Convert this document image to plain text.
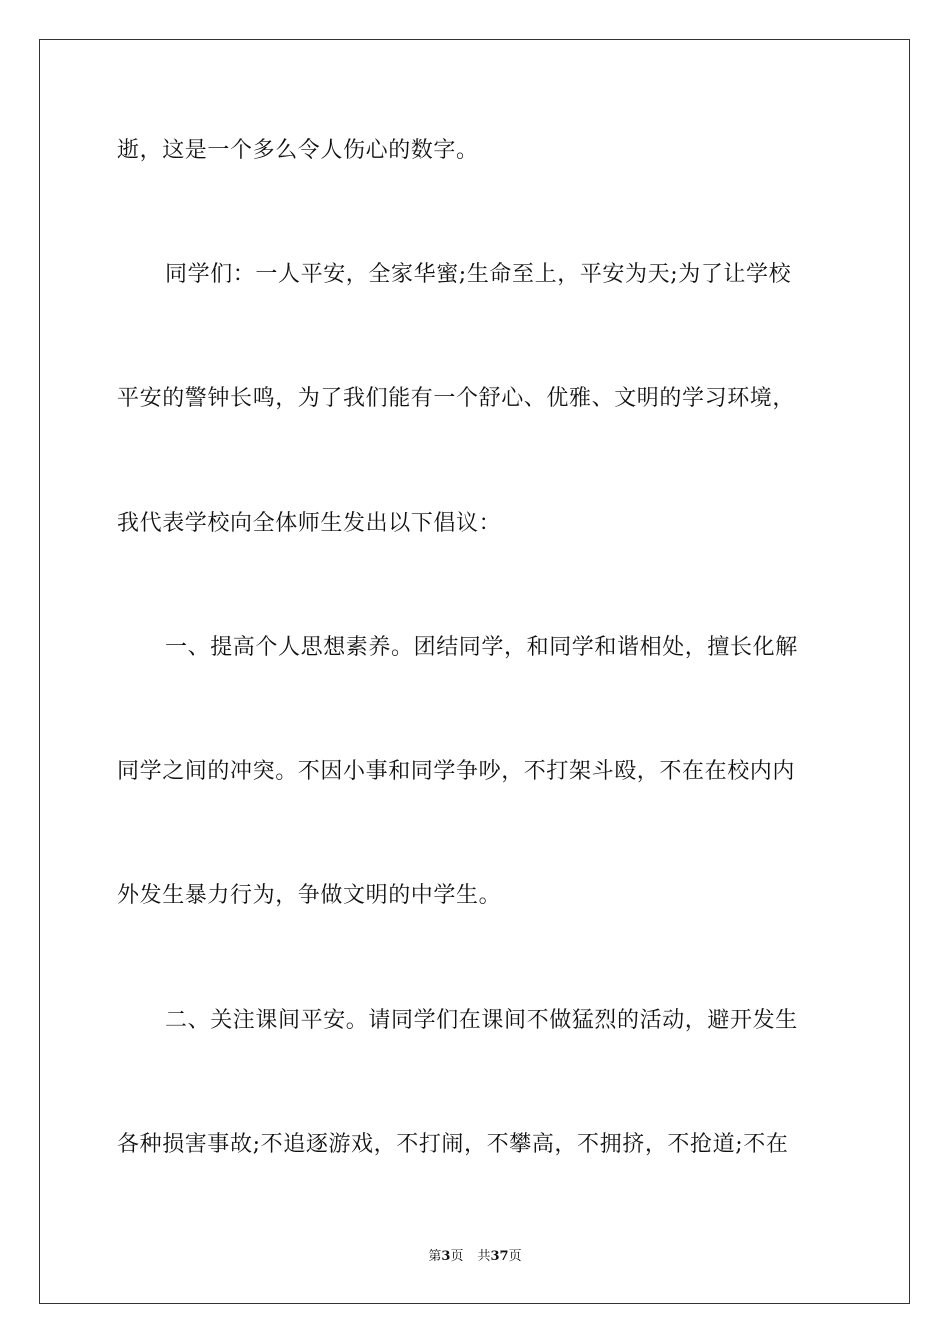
逝，这是一个多么令人伤心的数字。
同学们：一人平安，全家华蜜;生命至上，平安为天;为了让学校
平安的警钟长鸣，为了我们能有一个舒心、优雅、文明的学习环境，
我代表学校向全体师生发出以下倡议：
一、提高个人思想素养。团结同学，和同学和谐相处，擅长化解
同学之间的冲突。不因小事和同学争吵，不打架斗殴，不在在校内内
外发生暴力行为，争做文明的中学生。
二、关注课间平安。请同学们在课间不做猛烈的活动，避开发生
各种损害事故;不追逐游戏，不打闹，不攀高，不拥挤，不抢道;不在
第3页 共37页
